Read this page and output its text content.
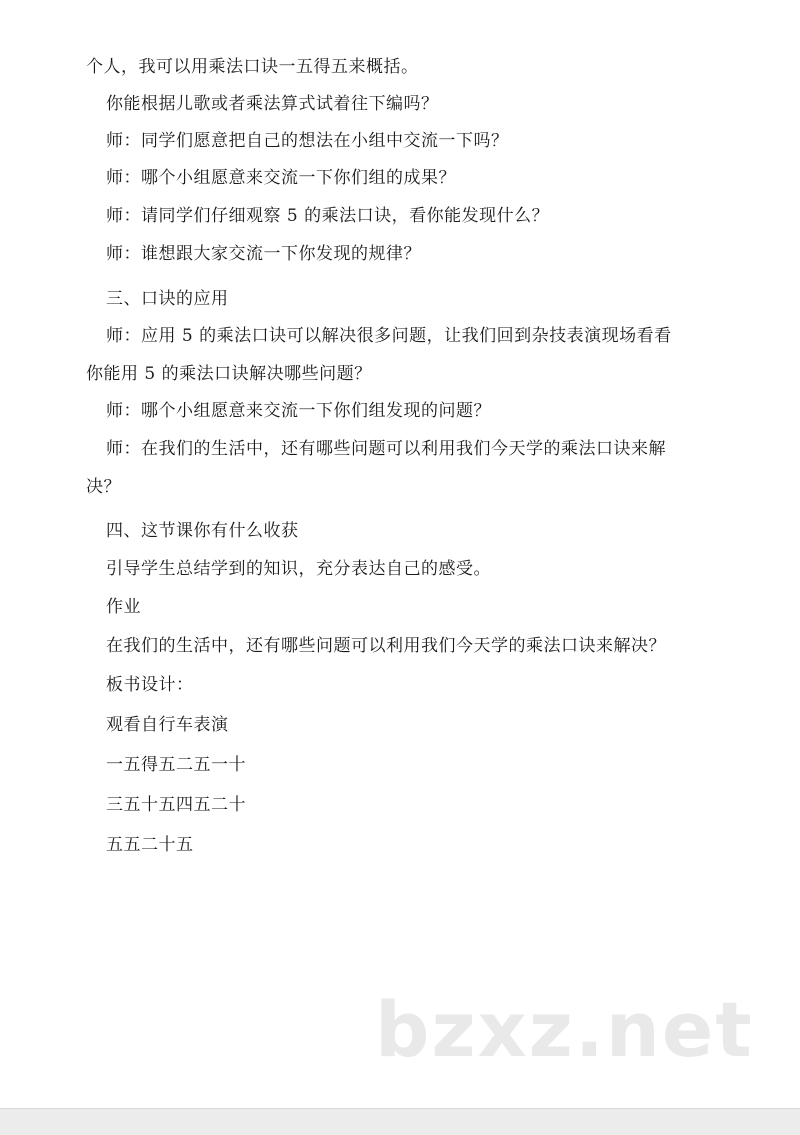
个人，我可以用乘法口诀一五得五来概括。
你能根据儿歌或者乘法算式试着往下编吗？
师：同学们愿意把自己的想法在小组中交流一下吗？
师：哪个小组愿意来交流一下你们组的成果？
师：请同学们仔细观察 5 的乘法口诀，看你能发现什么？
师：谁想跟大家交流一下你发现的规律？
三、口诀的应用
师：应用 5 的乘法口诀可以解决很多问题，让我们回到杂技表演现场看看
你能用 5 的乘法口诀解决哪些问题？
师：哪个小组愿意来交流一下你们组发现的问题？
师：在我们的生活中，还有哪些问题可以利用我们今天学的乘法口诀来解
决？
四、这节课你有什么收获
引导学生总结学到的知识，充分表达自己的感受。
作业
在我们的生活中，还有哪些问题可以利用我们今天学的乘法口诀来解决？
板书设计：
观看自行车表演
一五得五二五一十
三五十五四五二十
五五二十五
bzxz.net
